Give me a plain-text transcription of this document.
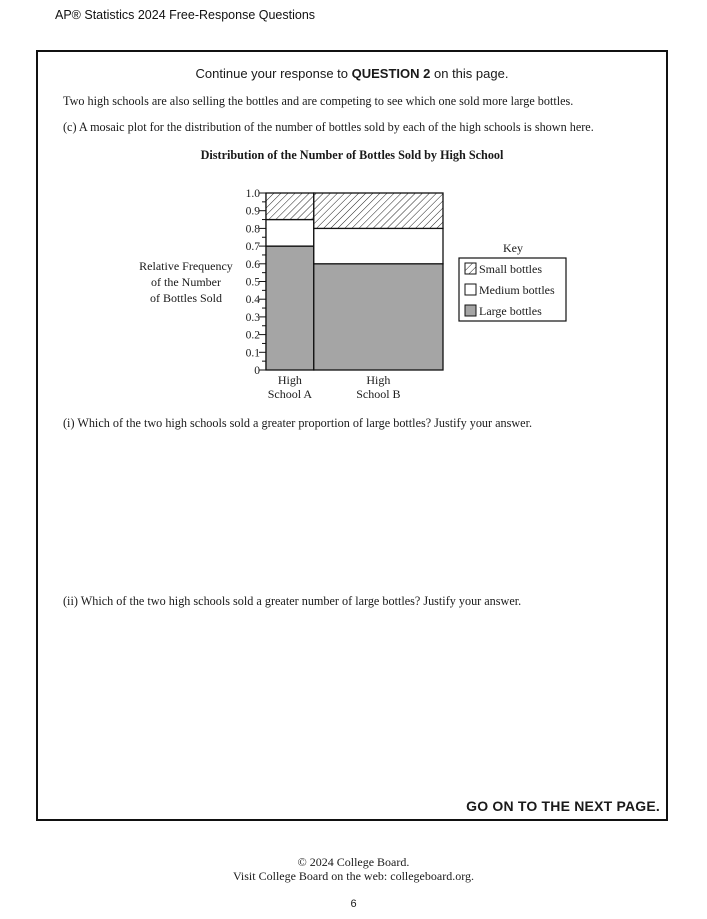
AP® Statistics 2024 Free-Response Questions
Continue your response to QUESTION 2 on this page.
Two high schools are also selling the bottles and are competing to see which one sold more large bottles.
(c) A mosaic plot for the distribution of the number of bottles sold by each of the high schools is shown here.
Distribution of the Number of Bottles Sold by High School
(i) Which of the two high schools sold a greater proportion of large bottles? Justify your answer.
(ii) Which of the two high schools sold a greater number of large bottles? Justify your answer.
GO ON TO THE NEXT PAGE.
Relative Frequency
of the Number
of Bottles Sold
0
0.1
0.2
0.3
0.4
0.5
0.6
0.7
0.8
0.9
1.0
High
School A
High
School B
Key
Small bottles
Medium bottles
Large bottles
© 2024 College Board.
Visit College Board on the web: collegeboard.org.
6
